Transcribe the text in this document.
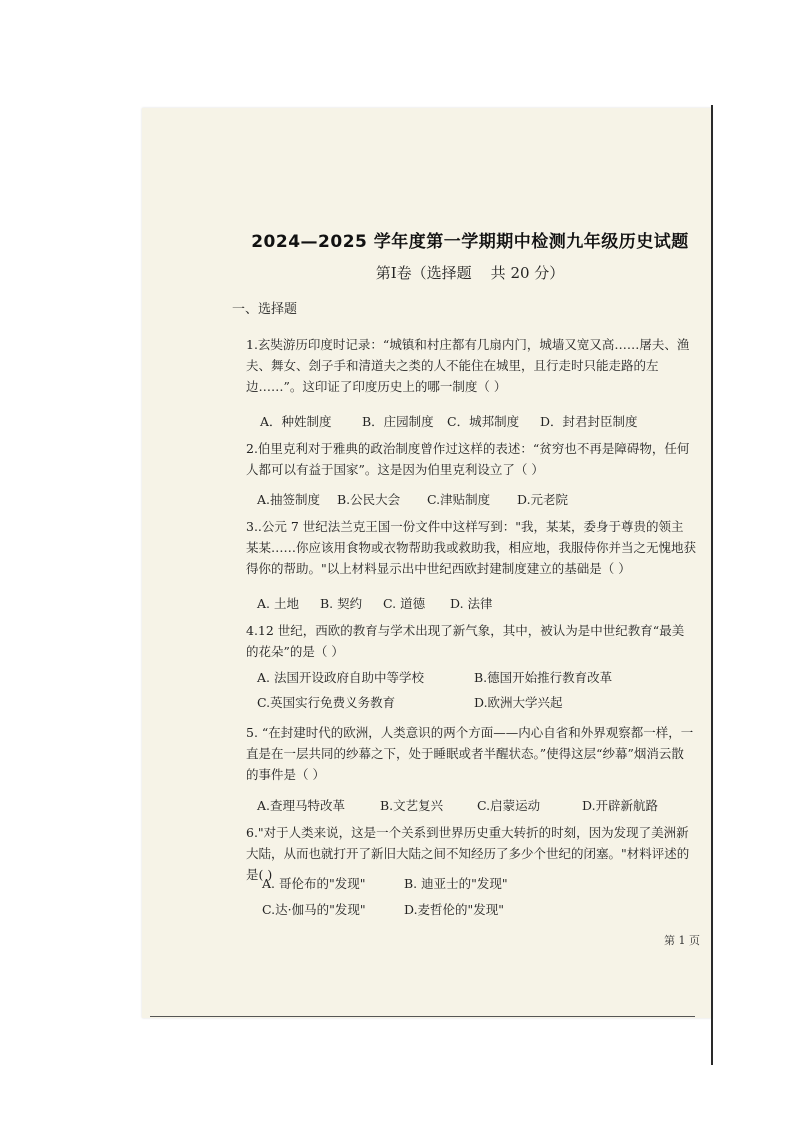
2024—2025 学年度第一学期期中检测九年级历史试题
第Ⅰ卷（选择题    共 20 分）
一、选择题
1.玄奘游历印度时记录：“城镇和村庄都有几扇内门，城墙又宽又高……屠夫、渔夫、舞女、刽子手和清道夫之类的人不能住在城里，且行走时只能走路的左边……”。这印证了印度历史上的哪一制度（ ）
A．种姓制度 B．庄园制度 C．城邦制度 D．封君封臣制度
2.伯里克利对于雅典的政治制度曾作过这样的表述：“贫穷也不再是障碍物，任何人都可以有益于国家”。这是因为伯里克利设立了（ ）
A.抽签制度 B.公民大会 C.津贴制度 D.元老院
3..公元 7 世纪法兰克王国一份文件中这样写到："我，某某，委身于尊贵的领主某某……你应该用食物或衣物帮助我或救助我，相应地，我服侍你并当之无愧地获得你的帮助。"以上材料显示出中世纪西欧封建制度建立的基础是（ ）
A. 土地 B. 契约 C. 道德 D. 法律
4.12 世纪，西欧的教育与学术出现了新气象，其中，被认为是中世纪教育“最美的花朵”的是（ ）
A. 法国开设政府自助中等学校	B.德国开始推行教育改革
C.英国实行免费义务教育	D.欧洲大学兴起
5. “在封建时代的欧洲，人类意识的两个方面——内心自省和外界观察都一样，一直是在一层共同的纱幕之下，处于睡眠或者半醒状态。”使得这层“纱幕”烟消云散的事件是（ ）
A.查理马特改革	B.文艺复兴	C.启蒙运动	D.开辟新航路
6."对于人类来说，这是一个关系到世界历史重大转折的时刻，因为发现了美洲新大陆，从而也就打开了新旧大陆之间不知经历了多少个世纪的闭塞。"材料评述的是( )
A. 哥伦布的"发现"	B. 迪亚士的"发现"
C.达·伽马的"发现"	D.麦哲伦的"发现"
第 1 页
